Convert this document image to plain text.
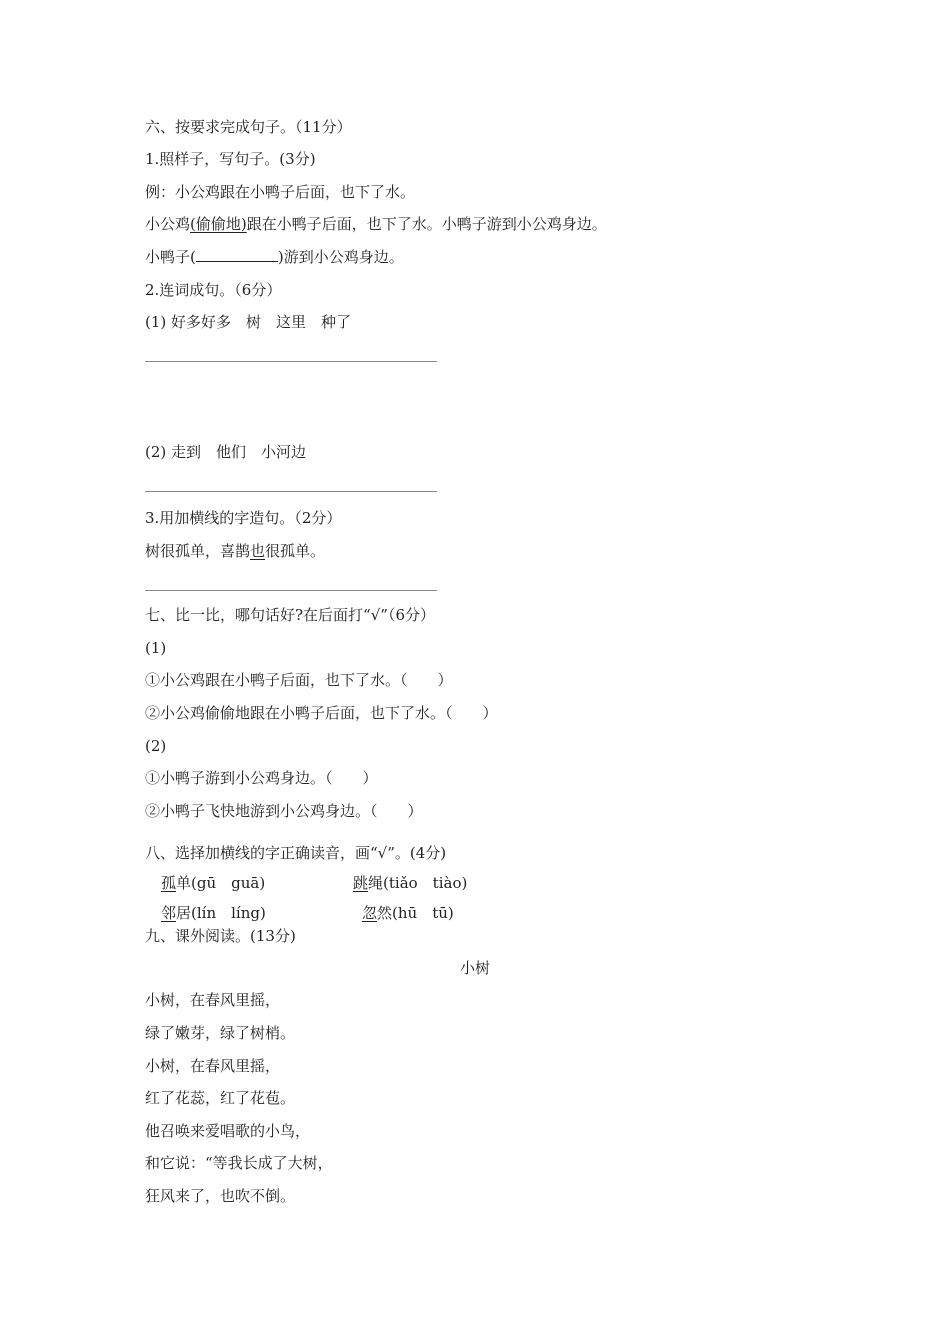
六、按要求完成句子。（11分）
1.照样子，写句子。(3分)
例：小公鸡跟在小鸭子后面，也下了水。
小公鸡(偷偷地)跟在小鸭子后面，也下了水。小鸭子游到小公鸡身边。
小鸭子(	)游到小公鸡身边。
2.连词成句。（6分）
(1) 好多好多　树　这里　种了
(2) 走到　他们　小河边
3.用加横线的字造句。（2分）
树很孤单，喜鹊也很孤单。
七、比一比，哪句话好?在后面打“√”（6分）
(1)
①小公鸡跟在小鸭子后面，也下了水。（　　）
②小公鸡偷偷地跟在小鸭子后面，也下了水。（　　）
(2)
①小鸭子游到小公鸡身边。（　　）
②小鸭子飞快地游到小公鸡身边。（　　）
八、选择加横线的字正确读音，画“√”。(4分)
孤单(gū　guā)	跳绳(tiǎo　tiào)
邻居(lín　líng)	忽然(hū　tū)
九、课外阅读。(13分)
小树
小树，在春风里摇，
绿了嫩芽，绿了树梢。
小树，在春风里摇，
红了花蕊，红了花苞。
他召唤来爱唱歌的小鸟，
和它说：“等我长成了大树，
狂风来了，也吹不倒。
